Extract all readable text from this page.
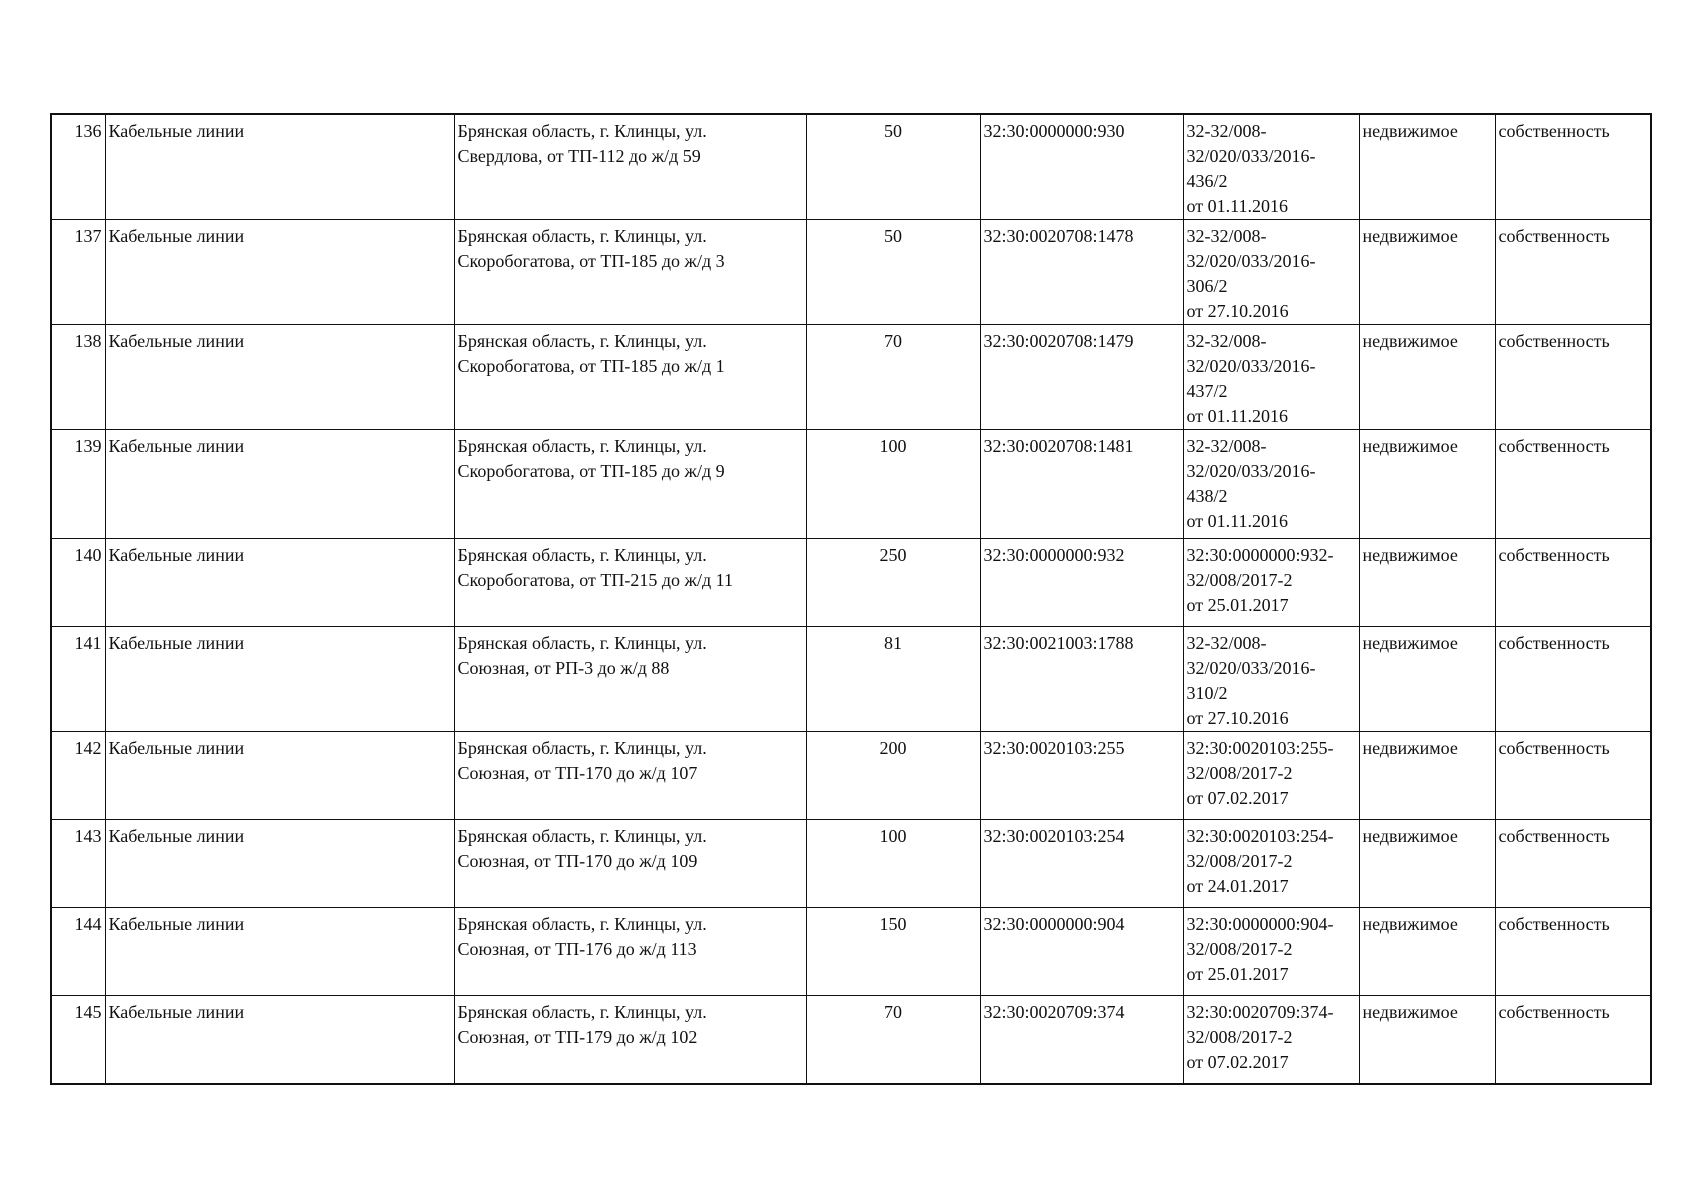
136	Кабельные линии	Брянская область, г. Клинцы, ул.
Свердлова, от ТП-112 до ж/д 59	50	32:30:0000000:930	32-32/008-
32/020/033/2016-
436/2
от 01.11.2016	недвижимое	собственность
137	Кабельные линии	Брянская область, г. Клинцы, ул.
Скоробогатова, от ТП-185 до ж/д 3	50	32:30:0020708:1478	32-32/008-
32/020/033/2016-
306/2
от 27.10.2016	недвижимое	собственность
138	Кабельные линии	Брянская область, г. Клинцы, ул.
Скоробогатова, от ТП-185 до ж/д 1	70	32:30:0020708:1479	32-32/008-
32/020/033/2016-
437/2
от 01.11.2016	недвижимое	собственность
139	Кабельные линии	Брянская область, г. Клинцы, ул.
Скоробогатова, от ТП-185 до ж/д 9	100	32:30:0020708:1481	32-32/008-
32/020/033/2016-
438/2
от 01.11.2016	недвижимое	собственность
140	Кабельные линии	Брянская область, г. Клинцы, ул.
Скоробогатова, от ТП-215 до ж/д 11	250	32:30:0000000:932	32:30:0000000:932-
32/008/2017-2
от 25.01.2017	недвижимое	собственность
141	Кабельные линии	Брянская область, г. Клинцы, ул.
Союзная, от РП-3 до ж/д 88	81	32:30:0021003:1788	32-32/008-
32/020/033/2016-
310/2
от 27.10.2016	недвижимое	собственность
142	Кабельные линии	Брянская область, г. Клинцы, ул.
Союзная, от ТП-170 до ж/д 107	200	32:30:0020103:255	32:30:0020103:255-
32/008/2017-2
от 07.02.2017	недвижимое	собственность
143	Кабельные линии	Брянская область, г. Клинцы, ул.
Союзная, от ТП-170 до ж/д 109	100	32:30:0020103:254	32:30:0020103:254-
32/008/2017-2
от 24.01.2017	недвижимое	собственность
144	Кабельные линии	Брянская область, г. Клинцы, ул.
Союзная, от ТП-176 до ж/д 113	150	32:30:0000000:904	32:30:0000000:904-
32/008/2017-2
от 25.01.2017	недвижимое	собственность
145	Кабельные линии	Брянская область, г. Клинцы, ул.
Союзная, от ТП-179 до ж/д 102	70	32:30:0020709:374	32:30:0020709:374-
32/008/2017-2
от 07.02.2017	недвижимое	собственность
